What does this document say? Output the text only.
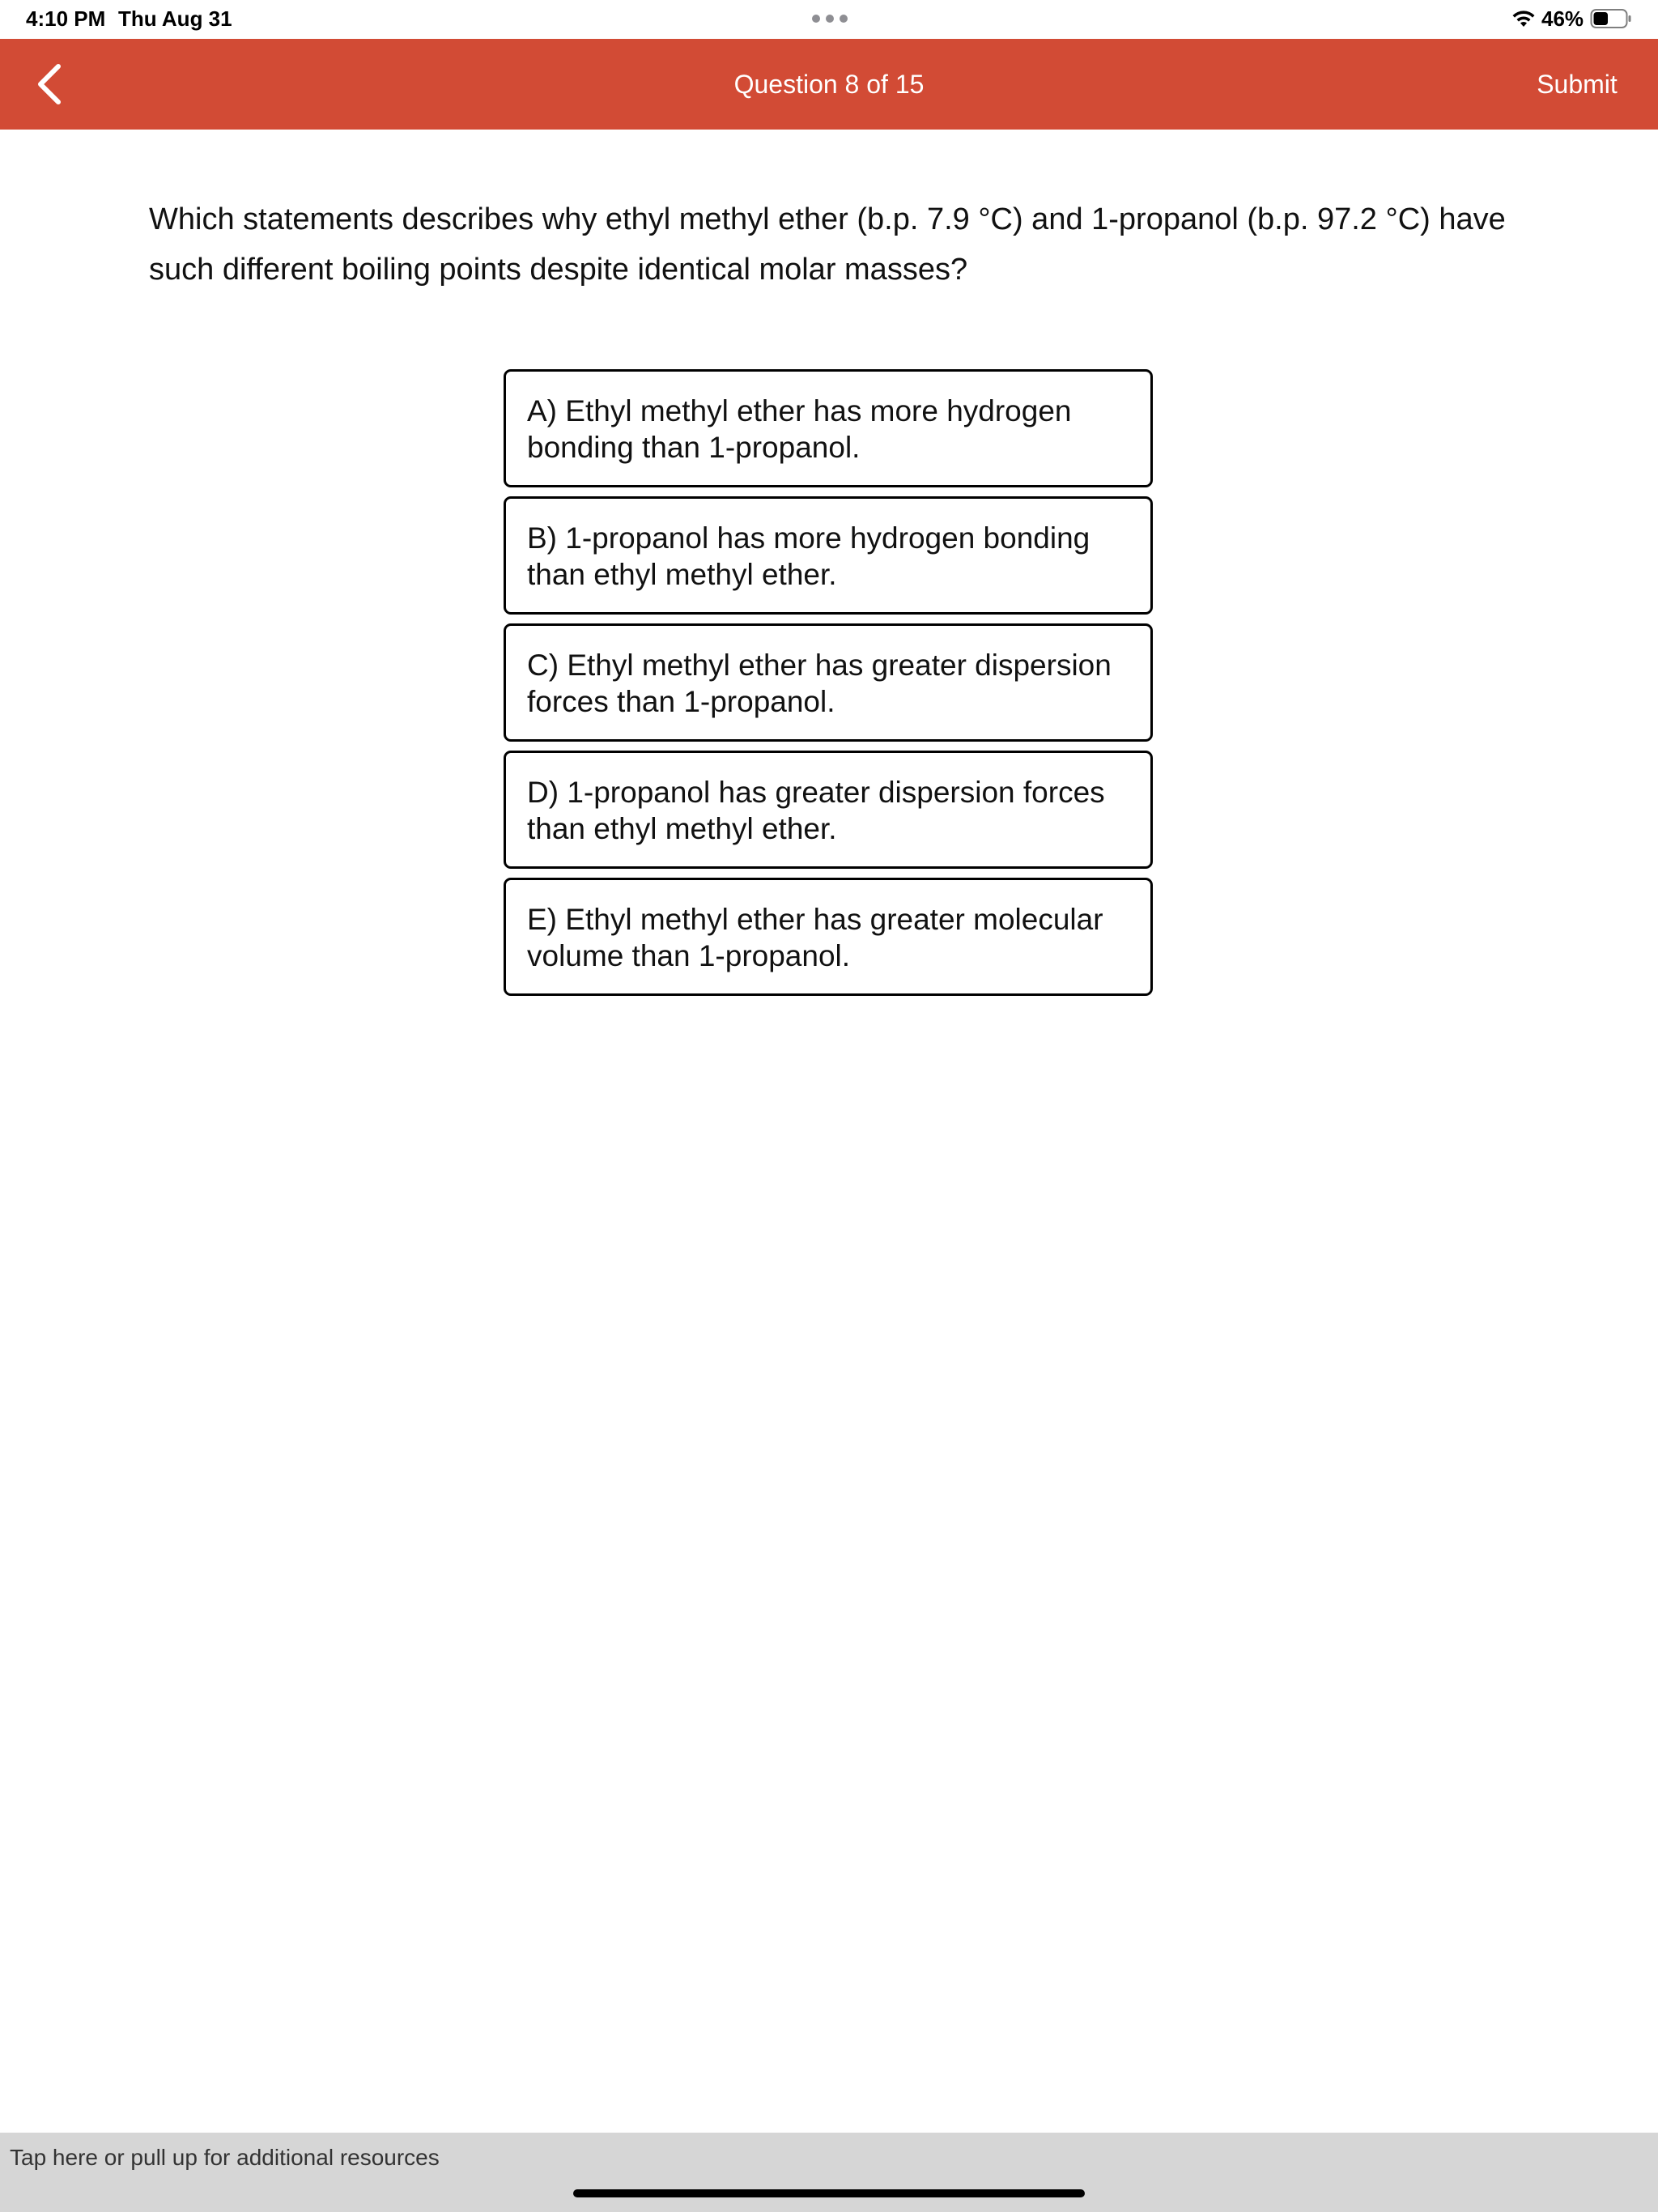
4:10 PM Thu Aug 31	46%
Question 8 of 15	Submit
Which statements describes why ethyl methyl ether (b.p. 7.9 °C) and 1-propanol (b.p. 97.2 °C) have such different boiling points despite identical molar masses?
A) Ethyl methyl ether has more hydrogen bonding than 1-propanol.
B) 1-propanol has more hydrogen bonding than ethyl methyl ether.
C) Ethyl methyl ether has greater dispersion forces than 1-propanol.
D) 1-propanol has greater dispersion forces than ethyl methyl ether.
E) Ethyl methyl ether has greater molecular volume than 1-propanol.
Tap here or pull up for additional resources
